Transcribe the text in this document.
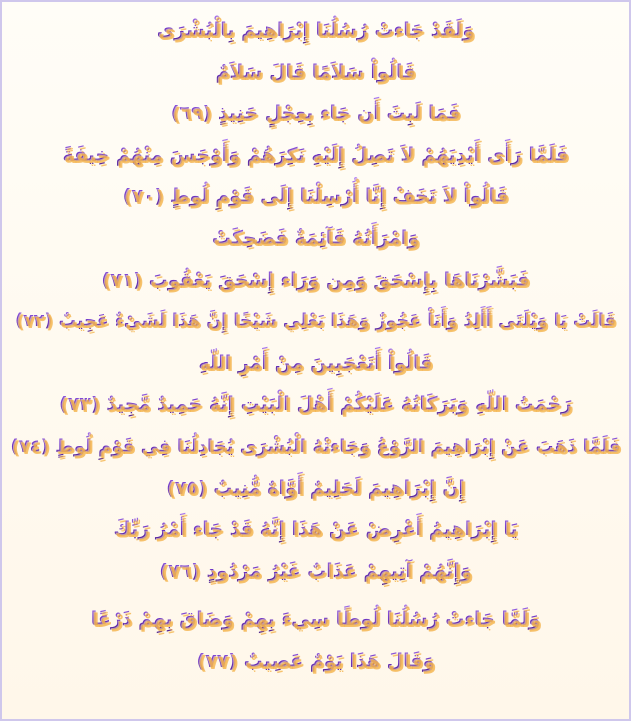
وَلَقَدْ جَاءتْ رُسُلُنَا إِبْرَاهِيمَ بِالْبُشْرَى
قَالُواْ سَلاَمًا قَالَ سَلاَمٌ
فَمَا لَبِثَ أَن جَاء بِعِجْلٍ حَنِيذٍ (٦٩)
فَلَمَّا رَأَى أَيْدِيَهُمْ لاَ تَصِلُ إِلَيْهِ نَكِرَهُمْ وَأَوْجَسَ مِنْهُمْ خِيفَةً
قَالُواْ لاَ تَخَفْ إِنَّا أُرْسِلْنَا إِلَى قَوْمِ لُوطٍ (٧٠)
وَامْرَأَتُهُ قَآئِمَةٌ فَضَحِكَتْ
فَبَشَّرْنَاهَا بِإِسْحَقَ وَمِن وَرَاء إِسْحَقَ يَعْقُوبَ (٧١)
قَالَتْ يَا وَيْلَتَى أَأَلِدُ وَأَنَاْ عَجُوزٌ وَهَذَا بَعْلِي شَيْخًا إِنَّ هَذَا لَشَيْءٌ عَجِيبٌ (٧٢)
قَالُواْ أَتَعْجَبِينَ مِنْ أَمْرِ اللّهِ
رَحْمَتُ اللّهِ وَبَرَكَاتُهُ عَلَيْكُمْ أَهْلَ الْبَيْتِ إِنَّهُ حَمِيدٌ مَّجِيدٌ (٧٣)
فَلَمَّا ذَهَبَ عَنْ إِبْرَاهِيمَ الرَّوْعُ وَجَاءتْهُ الْبُشْرَى يُجَادِلُنَا فِي قَوْمِ لُوطٍ (٧٤)
إِنَّ إِبْرَاهِيمَ لَحَلِيمٌ أَوَّاهٌ مُّنِيبٌ (٧٥)
يَا إِبْرَاهِيمُ أَعْرِضْ عَنْ هَذَا إِنَّهُ قَدْ جَاء أَمْرُ رَبِّكَ
وَإِنَّهُمْ آتِيهِمْ عَذَابٌ غَيْرُ مَرْدُودٍ (٧٦)
وَلَمَّا جَاءتْ رُسُلُنَا لُوطًا سِيءَ بِهِمْ وَضَاقَ بِهِمْ ذَرْعًا
وَقَالَ هَذَا يَوْمٌ عَصِيبٌ (٧٧)
